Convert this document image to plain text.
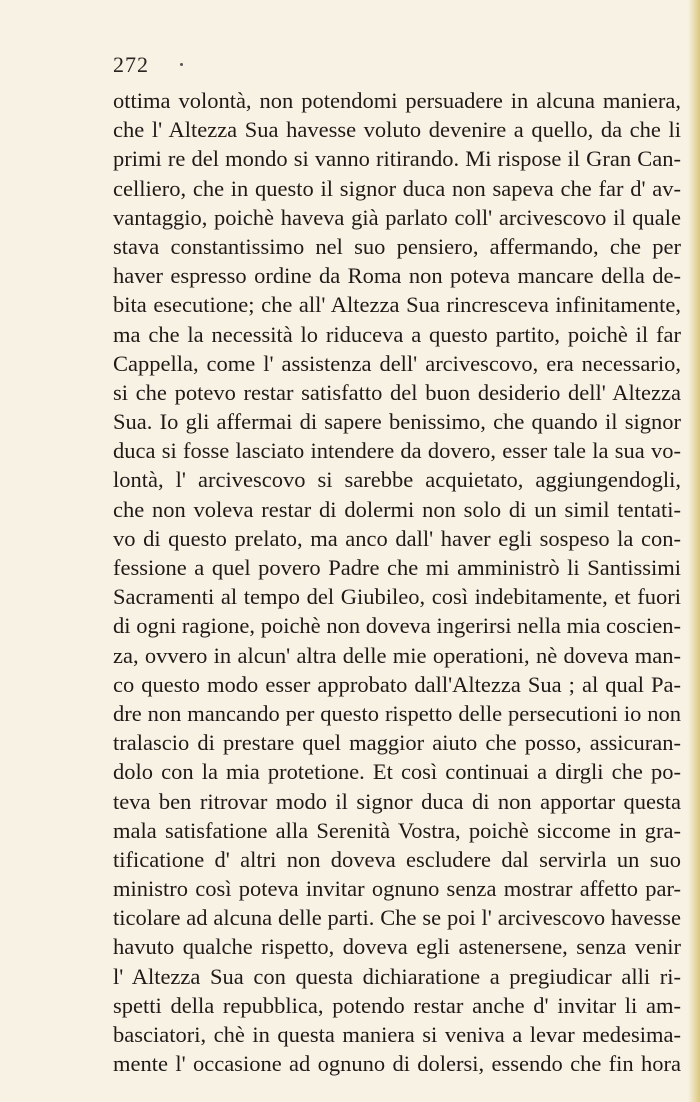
272
ottima volontà, non potendomi persuadere in alcuna maniera,
che l' Altezza Sua havesse voluto devenire a quello, da che li
primi re del mondo si vanno ritirando. Mi rispose il Gran Can-
celliero, che in questo il signor duca non sapeva che far d' av-
vantaggio, poichè haveva già parlato coll' arcivescovo il quale
stava constantissimo nel suo pensiero, affermando, che per
haver espresso ordine da Roma non poteva mancare della de-
bita esecutione; che all' Altezza Sua rincresceva infinitamente,
ma che la necessità lo riduceva a questo partito, poichè il far
Cappella, come l' assistenza dell' arcivescovo, era necessario,
si che potevo restar satisfatto del buon desiderio dell' Altezza
Sua. Io gli affermai di sapere benissimo, che quando il signor
duca si fosse lasciato intendere da dovero, esser tale la sua vo-
lontà, l' arcivescovo si sarebbe acquietato, aggiungendogli,
che non voleva restar di dolermi non solo di un simil tentati-
vo di questo prelato, ma anco dall' haver egli sospeso la con-
fessione a quel povero Padre che mi amministrò li Santissimi
Sacramenti al tempo del Giubileo, così indebitamente, et fuori
di ogni ragione, poichè non doveva ingerirsi nella mia coscien-
za, ovvero in alcun' altra delle mie operationi, nè doveva man-
co questo modo esser approbato dall'Altezza Sua ; al qual Pa-
dre non mancando per questo rispetto delle persecutioni io non
tralascio di prestare quel maggior aiuto che posso, assicuran-
dolo con la mia protetione. Et così continuai a dirgli che po-
teva ben ritrovar modo il signor duca di non apportar questa
mala satisfatione alla Serenità Vostra, poichè siccome in gra-
tificatione d' altri non doveva escludere dal servirla un suo
ministro così poteva invitar ognuno senza mostrar affetto par-
ticolare ad alcuna delle parti. Che se poi l' arcivescovo havesse
havuto qualche rispetto, doveva egli astenersene, senza venir
l' Altezza Sua con questa dichiaratione a pregiudicar alli ri-
spetti della repubblica, potendo restar anche d' invitar li am-
basciatori, chè in questa maniera si veniva a levar medesima-
mente l' occasione ad ognuno di dolersi, essendo che fin hora
